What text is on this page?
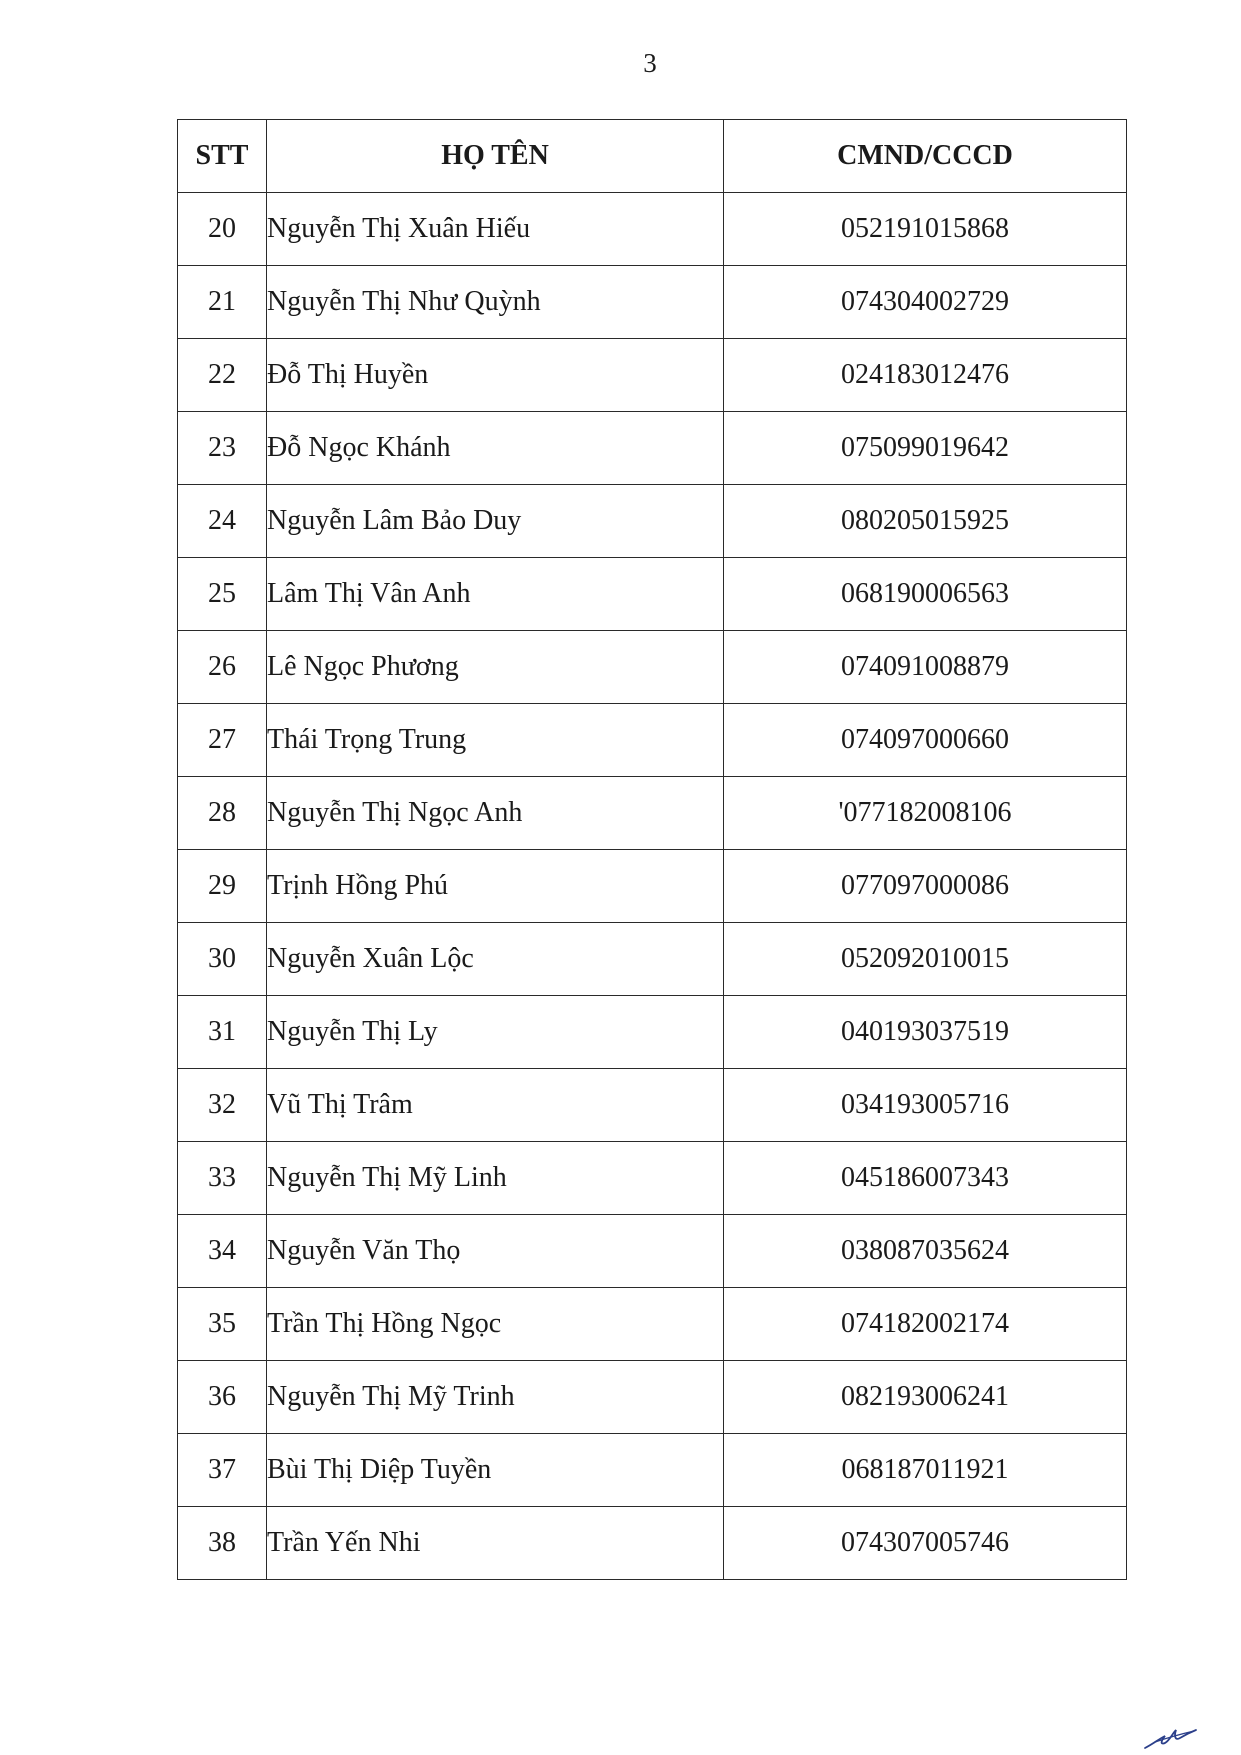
3
STT	HỌ TÊN	CMND/CCCD
20	Nguyễn Thị Xuân Hiếu	052191015868
21	Nguyễn Thị Như Quỳnh	074304002729
22	Đỗ Thị Huyền	024183012476
23	Đỗ Ngọc Khánh	075099019642
24	Nguyễn Lâm Bảo Duy	080205015925
25	Lâm Thị Vân Anh	068190006563
26	Lê Ngọc Phương	074091008879
27	Thái Trọng Trung	074097000660
28	Nguyễn Thị Ngọc Anh	'077182008106
29	Trịnh Hồng Phú	077097000086
30	Nguyễn Xuân Lộc	052092010015
31	Nguyễn Thị Ly	040193037519
32	Vũ Thị Trâm	034193005716
33	Nguyễn Thị Mỹ Linh	045186007343
34	Nguyễn Văn Thọ	038087035624
35	Trần Thị Hồng Ngọc	074182002174
36	Nguyễn Thị Mỹ Trinh	082193006241
37	Bùi Thị Diệp Tuyền	068187011921
38	Trần Yến Nhi	074307005746
